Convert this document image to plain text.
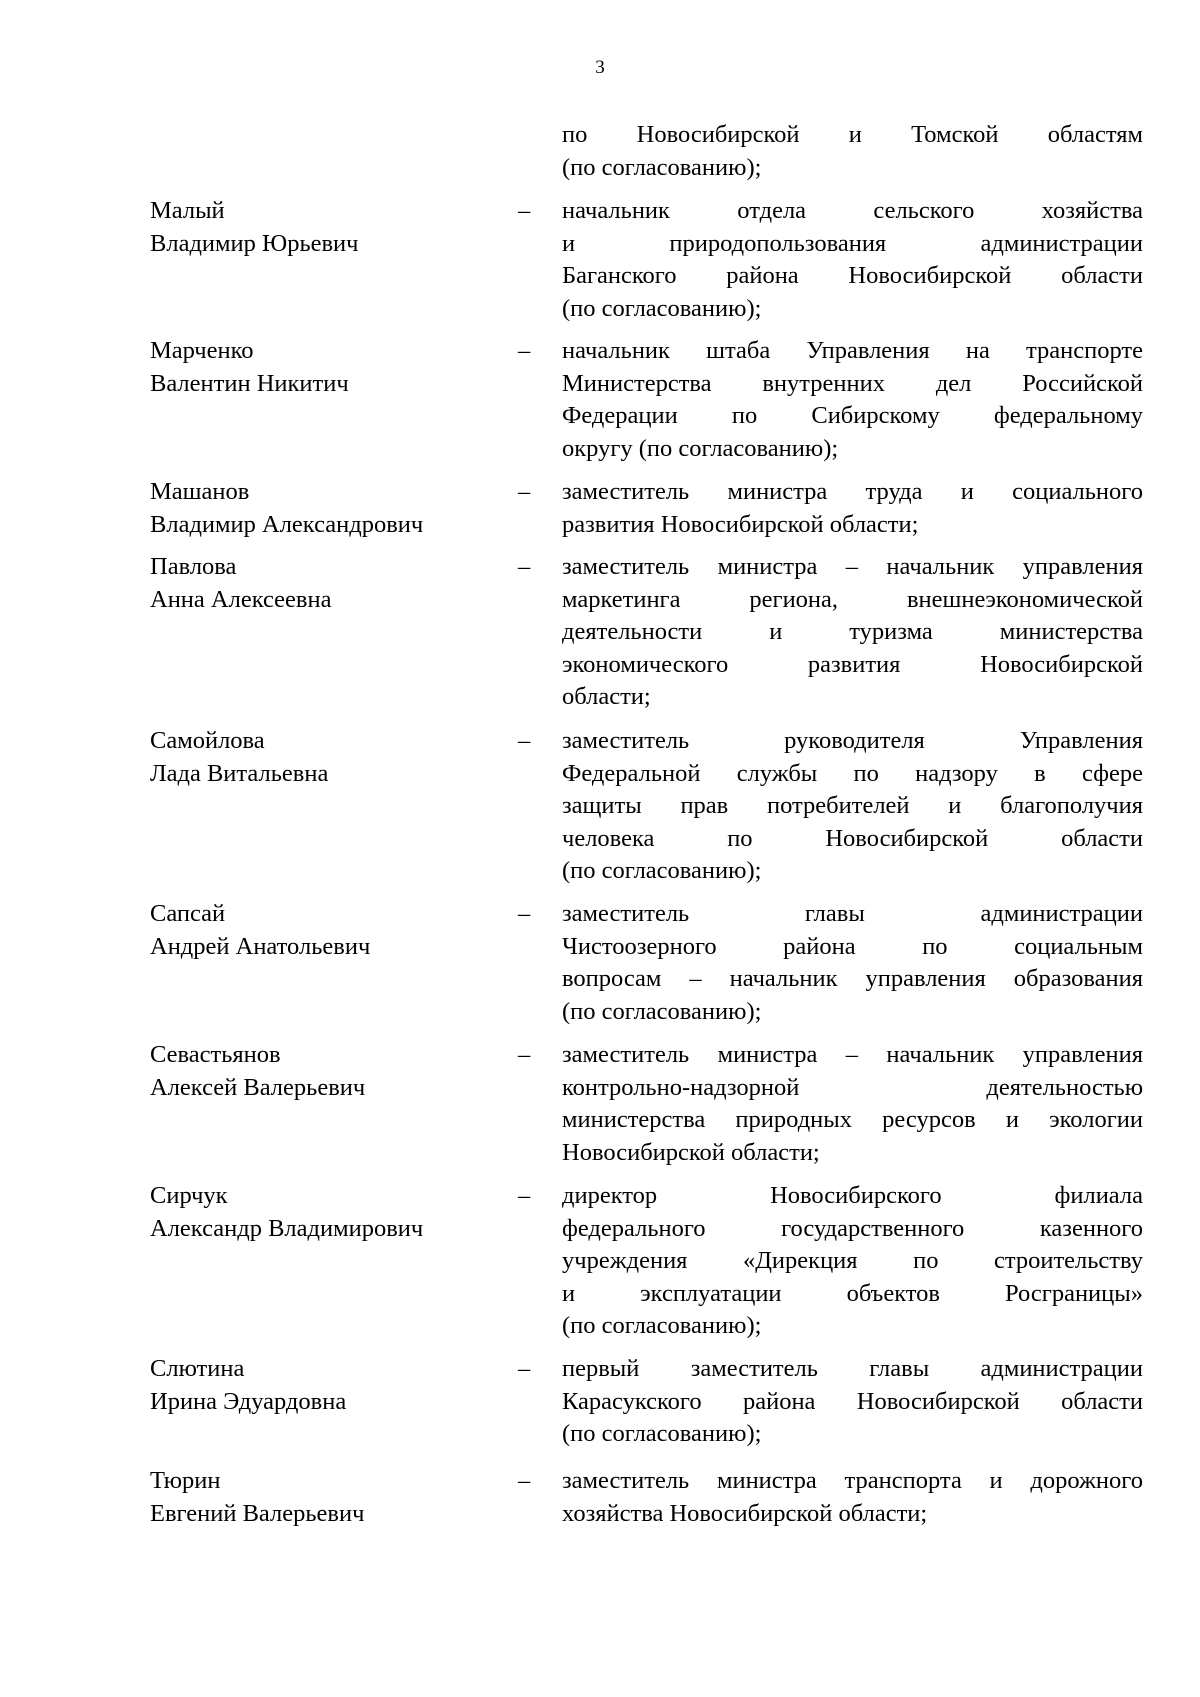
3
по Новосибирской и Томской областям
(по согласованию);
Малый
Владимир Юрьевич
– начальник отдела сельского хозяйства
и природопользования администрации
Баганского района Новосибирской области
(по согласованию);
Марченко
Валентин Никитич
– начальник штаба Управления на транспорте
Министерства внутренних дел Российской
Федерации по Сибирскому федеральному
округу (по согласованию);
Машанов
Владимир Александрович
– заместитель министра труда и социального
развития Новосибирской области;
Павлова
Анна Алексеевна
– заместитель министра – начальник управления
маркетинга региона, внешнеэкономической
деятельности и туризма министерства
экономического развития Новосибирской
области;
Самойлова
Лада Витальевна
– заместитель руководителя Управления
Федеральной службы по надзору в сфере
защиты прав потребителей и благополучия
человека по Новосибирской области
(по согласованию);
Сапсай
Андрей Анатольевич
– заместитель главы администрации
Чистоозерного района по социальным
вопросам – начальник управления образования
(по согласованию);
Севастьянов
Алексей Валерьевич
– заместитель министра – начальник управления
контрольно-надзорной деятельностью
министерства природных ресурсов и экологии
Новосибирской области;
Сирчук
Александр Владимирович
– директор Новосибирского филиала
федерального государственного казенного
учреждения «Дирекция по строительству
и эксплуатации объектов Росграницы»
(по согласованию);
Слютина
Ирина Эдуардовна
– первый заместитель главы администрации
Карасукского района Новосибирской области
(по согласованию);
Тюрин
Евгений Валерьевич
– заместитель министра транспорта и дорожного
хозяйства Новосибирской области;
